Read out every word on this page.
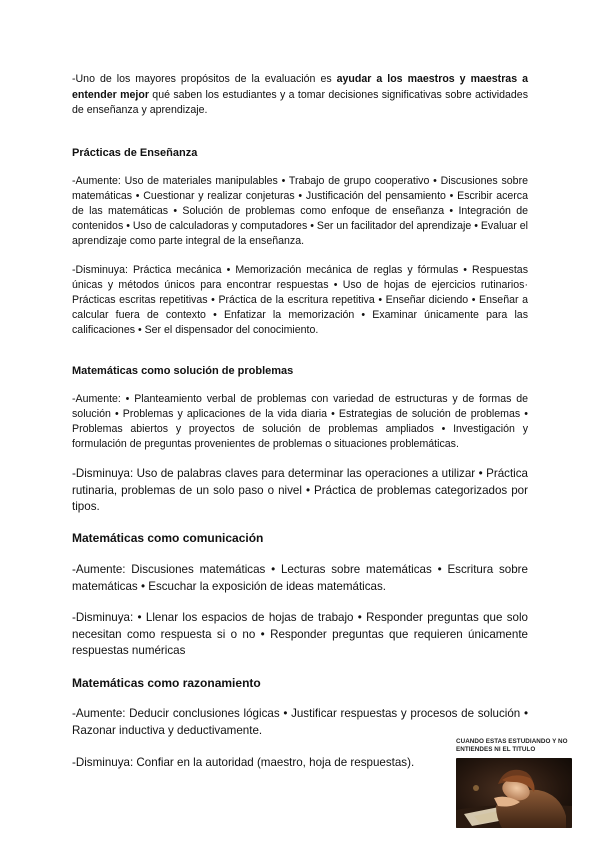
-Uno de los mayores propósitos de la evaluación es ayudar a los maestros y maestras a entender mejor qué saben los estudiantes y a tomar decisiones significativas sobre actividades de enseñanza y aprendizaje.

Prácticas de Enseñanza

-Aumente: Uso de materiales manipulables • Trabajo de grupo cooperativo • Discusiones sobre matemáticas • Cuestionar y realizar conjeturas • Justificación del pensamiento • Escribir acerca de las matemáticas • Solución de problemas como enfoque de enseñanza • Integración de contenidos • Uso de calculadoras y computadores • Ser un facilitador del aprendizaje • Evaluar el aprendizaje como parte integral de la enseñanza.

-Disminuya: Práctica mecánica • Memorización mecánica de reglas y fórmulas • Respuestas únicas y métodos únicos para encontrar respuestas • Uso de hojas de ejercicios rutinarios· Prácticas escritas repetitivas • Práctica de la escritura repetitiva • Enseñar diciendo • Enseñar a calcular fuera de contexto • Enfatizar la memorización • Examinar únicamente para las calificaciones • Ser el dispensador del conocimiento.

Matemáticas como solución de problemas

-Aumente: • Planteamiento verbal de problemas con variedad de estructuras y de formas de solución • Problemas y aplicaciones de la vida diaria • Estrategias de solución de problemas • Problemas abiertos y proyectos de solución de problemas ampliados • Investigación y formulación de preguntas provenientes de problemas o situaciones problemáticas.

-Disminuya: Uso de palabras claves para determinar las operaciones a utilizar • Práctica rutinaria, problemas de un solo paso o nivel • Práctica de problemas categorizados por tipos.

Matemáticas como comunicación

-Aumente: Discusiones matemáticas • Lecturas sobre matemáticas • Escritura sobre matemáticas • Escuchar la exposición de ideas matemáticas.

-Disminuya: • Llenar los espacios de hojas de trabajo • Responder preguntas que solo necesitan como respuesta si o no • Responder preguntas que requieren únicamente respuestas numéricas

Matemáticas como razonamiento

-Aumente: Deducir conclusiones lógicas • Justificar respuestas y procesos de solución • Razonar inductiva y deductivamente.

-Disminuya: Confiar en la autoridad (maestro, hoja de respuestas).

CUANDO ESTAS ESTUDIANDO Y NO ENTIENDES NI EL TITULO
